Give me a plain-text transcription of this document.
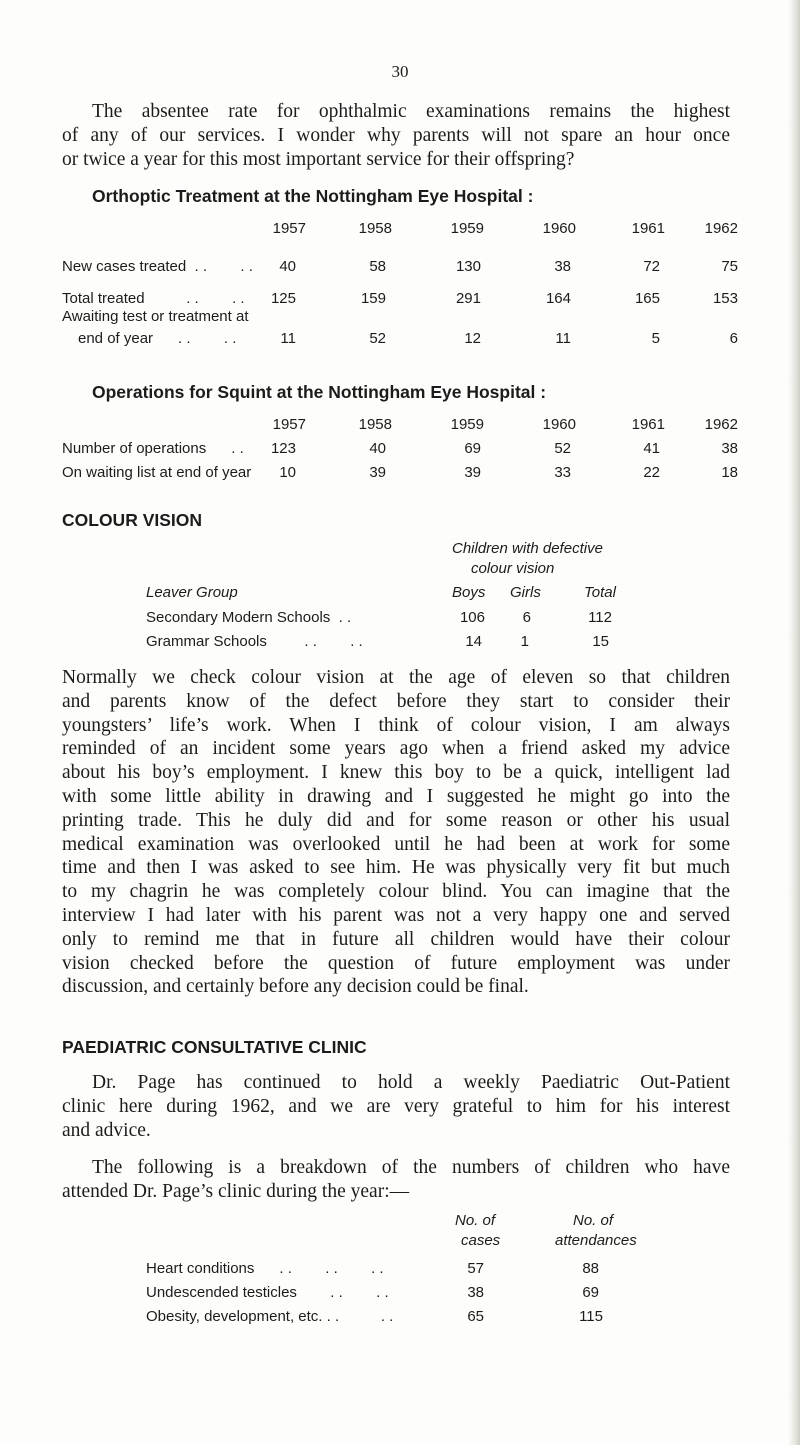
30
The absentee rate for ophthalmic examinations remains the highest
of any of our services. I wonder why parents will not spare an hour once
or twice a year for this most important service for their offspring?
Orthoptic Treatment at the Nottingham Eye Hospital :
1957	1958	1959	1960	1961	1962
New cases treated  . .        . .	40	58	130	38	72	75
Total treated          . .        . .	125	159	291	164	165	153
Awaiting test or treatment at
end of year      . .        . .	11	52	12	11	5	6
Operations for Squint at the Nottingham Eye Hospital :
1957	1958	1959	1960	1961	1962
Number of operations      . .	123	40	69	52	41	38
On waiting list at end of year	10	39	39	33	22	18
COLOUR VISION
Children with defective
colour vision
Leaver Group	Boys Girls	Total
Secondary Modern Schools  . .	106	6	112
Grammar Schools         . .        . .	14	1	15
Normally we check colour vision at the age of eleven so that children
and parents know of the defect before they start to consider their
youngsters’ life’s work. When I think of colour vision, I am always
reminded of an incident some years ago when a friend asked my advice
about his boy’s employment. I knew this boy to be a quick, intelligent lad
with some little ability in drawing and I suggested he might go into the
printing trade. This he duly did and for some reason or other his usual
medical examination was overlooked until he had been at work for some
time and then I was asked to see him. He was physically very fit but much
to my chagrin he was completely colour blind. You can imagine that the
interview I had later with his parent was not a very happy one and served
only to remind me that in future all children would have their colour
vision checked before the question of future employment was under
discussion, and certainly before any decision could be final.
PAEDIATRIC CONSULTATIVE CLINIC
Dr. Page has continued to hold a weekly Paediatric Out-Patient
clinic here during 1962, and we are very grateful to him for his interest
and advice.
The following is a breakdown of the numbers of children who have
attended Dr. Page’s clinic during the year:—
No. of
cases
No. of
attendances
Heart conditions      . .        . .        . .	57	88
Undescended testicles        . .        . .	38	69
Obesity, development, etc. . .          . .	65	115
